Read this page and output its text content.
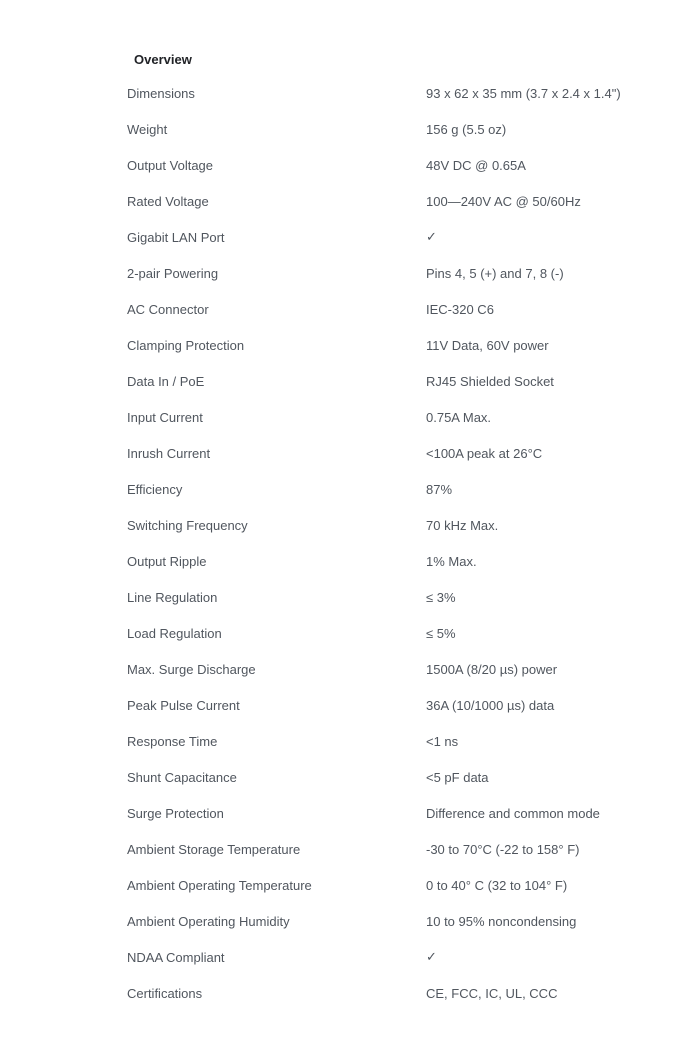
Overview
Dimensions	93 x 62 x 35 mm (3.7 x 2.4 x 1.4")
Weight	156 g (5.5 oz)
Output Voltage	48V DC @ 0.65A
Rated Voltage	100—240V AC @ 50/60Hz
Gigabit LAN Port	✓
2-pair Powering	Pins 4, 5 (+) and 7, 8 (-)
AC Connector	IEC-320 C6
Clamping Protection	11V Data, 60V power
Data In / PoE	RJ45 Shielded Socket
Input Current	0.75A Max.
Inrush Current	<100A peak at 26°C
Efficiency	87%
Switching Frequency	70 kHz Max.
Output Ripple	1% Max.
Line Regulation	≤ 3%
Load Regulation	≤ 5%
Max. Surge Discharge	1500A (8/20 µs) power
Peak Pulse Current	36A (10/1000 µs) data
Response Time	<1 ns
Shunt Capacitance	<5 pF data
Surge Protection	Difference and common mode
Ambient Storage Temperature	-30 to 70°C (-22 to 158° F)
Ambient Operating Temperature	0 to 40° C (32 to 104° F)
Ambient Operating Humidity	10 to 95% noncondensing
NDAA Compliant	✓
Certifications	CE, FCC, IC, UL, CCC
